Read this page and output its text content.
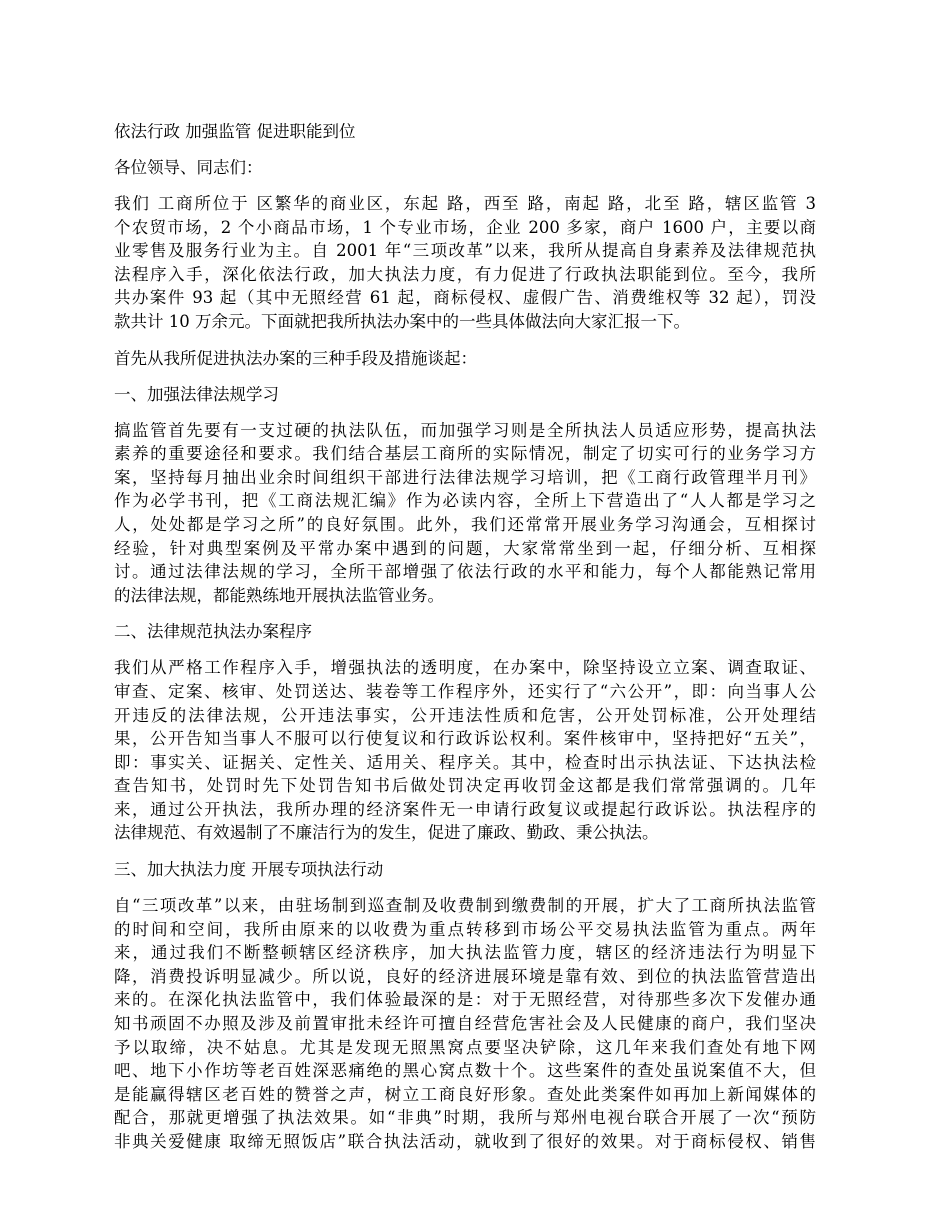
依法行政 加强监管 促进职能到位
各位领导、同志们：
我们 工商所位于 区繁华的商业区，东起 路，西至 路，南起 路，北至 路，辖区监管 3
个农贸市场，2 个小商品市场，1 个专业市场，企业 200 多家，商户 1600 户，主要以商
业零售及服务行业为主。自 2001 年“三项改革”以来，我所从提高自身素养及法律规范执
法程序入手，深化依法行政，加大执法力度，有力促进了行政执法职能到位。至今，我所
共办案件 93 起（其中无照经营 61 起，商标侵权、虚假广告、消费维权等 32 起），罚没
款共计 10 万余元。下面就把我所执法办案中的一些具体做法向大家汇报一下。
首先从我所促进执法办案的三种手段及措施谈起：
一、加强法律法规学习
搞监管首先要有一支过硬的执法队伍，而加强学习则是全所执法人员适应形势，提高执法
素养的重要途径和要求。我们结合基层工商所的实际情况，制定了切实可行的业务学习方
案，坚持每月抽出业余时间组织干部进行法律法规学习培训，把《工商行政管理半月刊》
作为必学书刊，把《工商法规汇编》作为必读内容，全所上下营造出了“人人都是学习之
人，处处都是学习之所”的良好氛围。此外，我们还常常开展业务学习沟通会，互相探讨
经验，针对典型案例及平常办案中遇到的问题，大家常常坐到一起，仔细分析、互相探
讨。通过法律法规的学习，全所干部增强了依法行政的水平和能力，每个人都能熟记常用
的法律法规，都能熟练地开展执法监管业务。
二、法律规范执法办案程序
我们从严格工作程序入手，增强执法的透明度，在办案中，除坚持设立立案、调查取证、
审查、定案、核审、处罚送达、装卷等工作程序外，还实行了“六公开”，即：向当事人公
开违反的法律法规，公开违法事实，公开违法性质和危害，公开处罚标准，公开处理结
果，公开告知当事人不服可以行使复议和行政诉讼权利。案件核审中，坚持把好“五关”，
即：事实关、证据关、定性关、适用关、程序关。其中，检查时出示执法证、下达执法检
查告知书，处罚时先下处罚告知书后做处罚决定再收罚金这都是我们常常强调的。几年
来，通过公开执法，我所办理的经济案件无一申请行政复议或提起行政诉讼。执法程序的
法律规范、有效遏制了不廉洁行为的发生，促进了廉政、勤政、秉公执法。
三、加大执法力度 开展专项执法行动
自“三项改革”以来，由驻场制到巡查制及收费制到缴费制的开展，扩大了工商所执法监管
的时间和空间，我所由原来的以收费为重点转移到市场公平交易执法监管为重点。两年
来，通过我们不断整顿辖区经济秩序，加大执法监管力度，辖区的经济违法行为明显下
降，消费投诉明显减少。所以说，良好的经济进展环境是靠有效、到位的执法监管营造出
来的。在深化执法监管中，我们体验最深的是：对于无照经营，对待那些多次下发催办通
知书顽固不办照及涉及前置审批未经许可擅自经营危害社会及人民健康的商户，我们坚决
予以取缔，决不姑息。尤其是发现无照黑窝点要坚决铲除，这几年来我们查处有地下网
吧、地下小作坊等老百姓深恶痛绝的黑心窝点数十个。这些案件的查处虽说案值不大，但
是能赢得辖区老百姓的赞誉之声，树立工商良好形象。查处此类案件如再加上新闻媒体的
配合，那就更增强了执法效果。如“非典”时期，我所与郑州电视台联合开展了一次“预防
非典关爱健康 取缔无照饭店”联合执法活动，就收到了很好的效果。对于商标侵权、销售
